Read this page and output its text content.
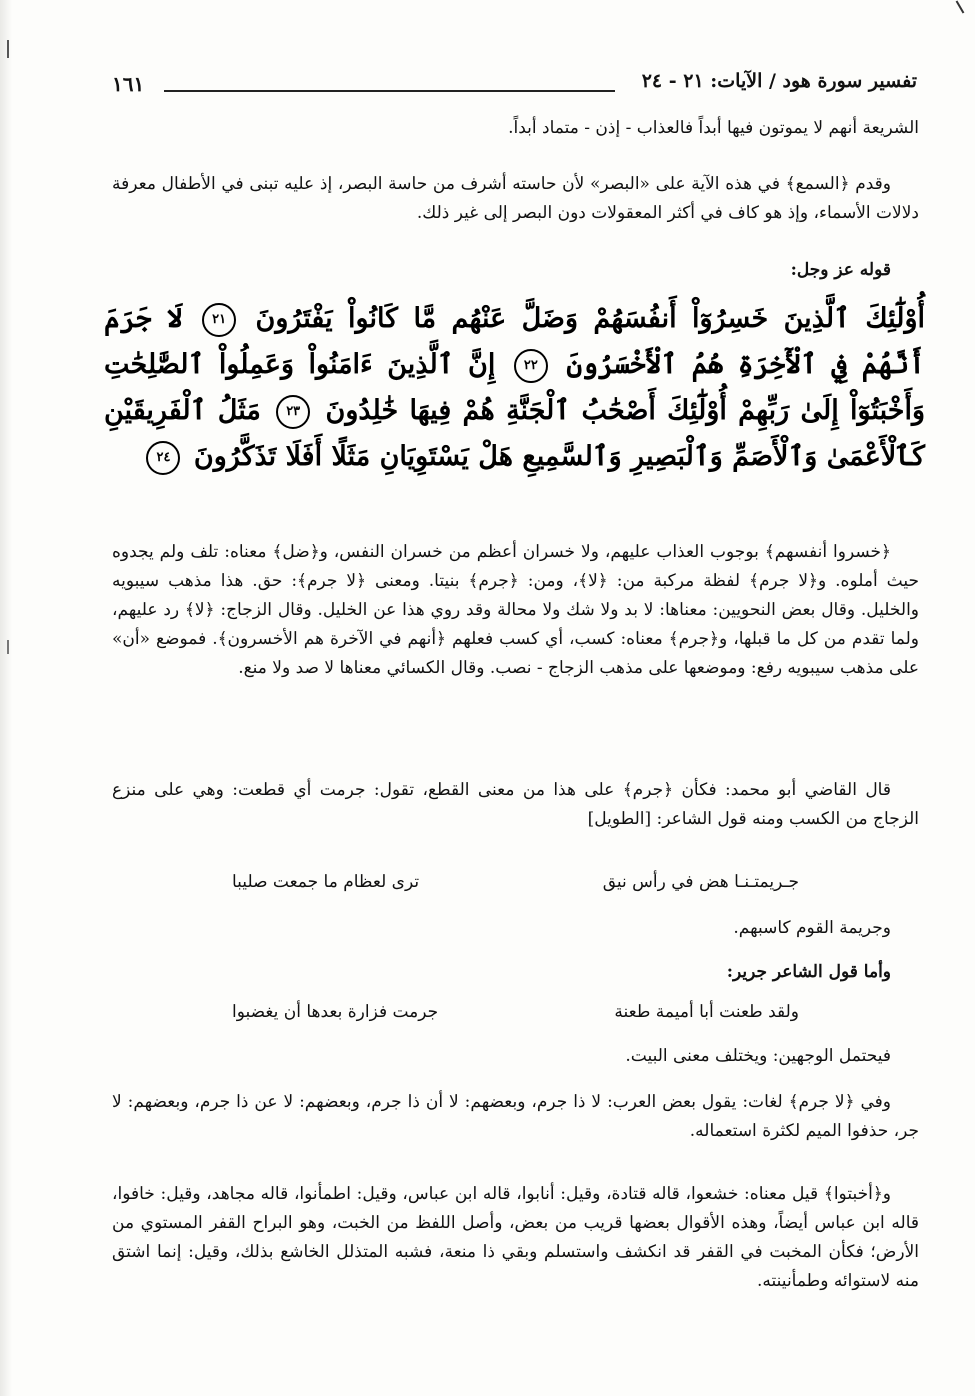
تفسير سورة هود / الآيات: ٢١ - ٢٤
١٦١

الشريعة أنهم لا يموتون فيها أبداً فالعذاب - إذن - متماد أبداً.

وقدم ﴿السمع﴾ في هذه الآية على «البصر» لأن حاسته أشرف من حاسة البصر، إذ عليه تبنى في الأطفال معرفة دلالات الأسماء، وإذ هو كاف في أكثر المعقولات دون البصر إلى غير ذلك.

قوله عز وجل:

أُوْلَٰٓئِكَ ٱلَّذِينَ خَسِرُوٓاْ أَنفُسَهُمْ وَضَلَّ عَنْهُم مَّا كَانُواْ يَفْتَرُونَ ٢١ لَا جَرَمَ أَنَّهُمْ فِي ٱلْأٓخِرَةِ هُمُ ٱلْأَخْسَرُونَ ٢٢ إِنَّ ٱلَّذِينَ ءَامَنُواْ وَعَمِلُواْ ٱلصَّٰلِحَٰتِ وَأَخْبَتُوٓاْ إِلَىٰ رَبِّهِمْ أُوْلَٰٓئِكَ أَصْحَٰبُ ٱلْجَنَّةِ هُمْ فِيهَا خَٰلِدُونَ ٢٣ مَثَلُ ٱلْفَرِيقَيْنِ كَٱلْأَعْمَىٰ وَٱلْأَصَمِّ وَٱلْبَصِيرِ وَٱلسَّمِيعِ هَلْ يَسْتَوِيَانِ مَثَلًا أَفَلَا تَذَكَّرُونَ ٢٤

﴿خسروا أنفسهم﴾ بوجوب العذاب عليهم، ولا خسران أعظم من خسران النفس، و﴿ضل﴾ معناه: تلف ولم يجدوه حيث أملوه. و﴿لا جرم﴾ لفظة مركبة من: ﴿لا﴾، ومن: ﴿جرم﴾ بنيتا. ومعنى ﴿لا جرم﴾: حق. هذا مذهب سيبويه والخليل. وقال بعض النحويين: معناها: لا بد ولا شك ولا محالة وقد روي هذا عن الخليل. وقال الزجاج: ﴿لا﴾ رد عليهم، ولما تقدم من كل ما قبلها، و﴿جرم﴾ معناه: كسب، أي كسب فعلهم ﴿أنهم في الآخرة هم الأخسرون﴾. فموضع «أن» على مذهب سيبويه رفع: وموضعها على مذهب الزجاج - نصب. وقال الكسائي معناها لا صد ولا منع.

قال القاضي أبو محمد: فكأن ﴿جرم﴾ على هذا من معنى القطع، تقول: جرمت أي قطعت: وهي على منزع الزجاج من الكسب ومنه قول الشاعر: [الطويل]

جـريمتـنـا هض في رأس نيق
ترى لعظام ما جمعت صليبا
وجريمة القوم كاسبهم.
وأما قول الشاعر جرير:
ولقد طعنت أبا أميمة طعنة
جرمت فزارة بعدها أن يغضبوا
فيحتمل الوجهين: ويختلف معنى البيت.

وفي ﴿لا جرم﴾ لغات: يقول بعض العرب: لا ذا جرم، وبعضهم: لا أن ذا جرم، وبعضهم: لا عن ذا جرم، وبعضهم: لا جر، حذفوا الميم لكثرة استعماله.

و﴿أخبتوا﴾ قيل معناه: خشعوا، قاله قتادة، وقيل: أنابوا، قاله ابن عباس، وقيل: اطمأنوا، قاله مجاهد، وقيل: خافوا، قاله ابن عباس أيضاً، وهذه الأقوال بعضها قريب من بعض، وأصل اللفظ من الخبت، وهو البراح القفر المستوي من الأرض؛ فكأن المخبت في القفر قد انكشف واستسلم وبقي ذا منعة، فشبه المتذلل الخاشع بذلك، وقيل: إنما اشتق منه لاستوائه وطمأنينته.
